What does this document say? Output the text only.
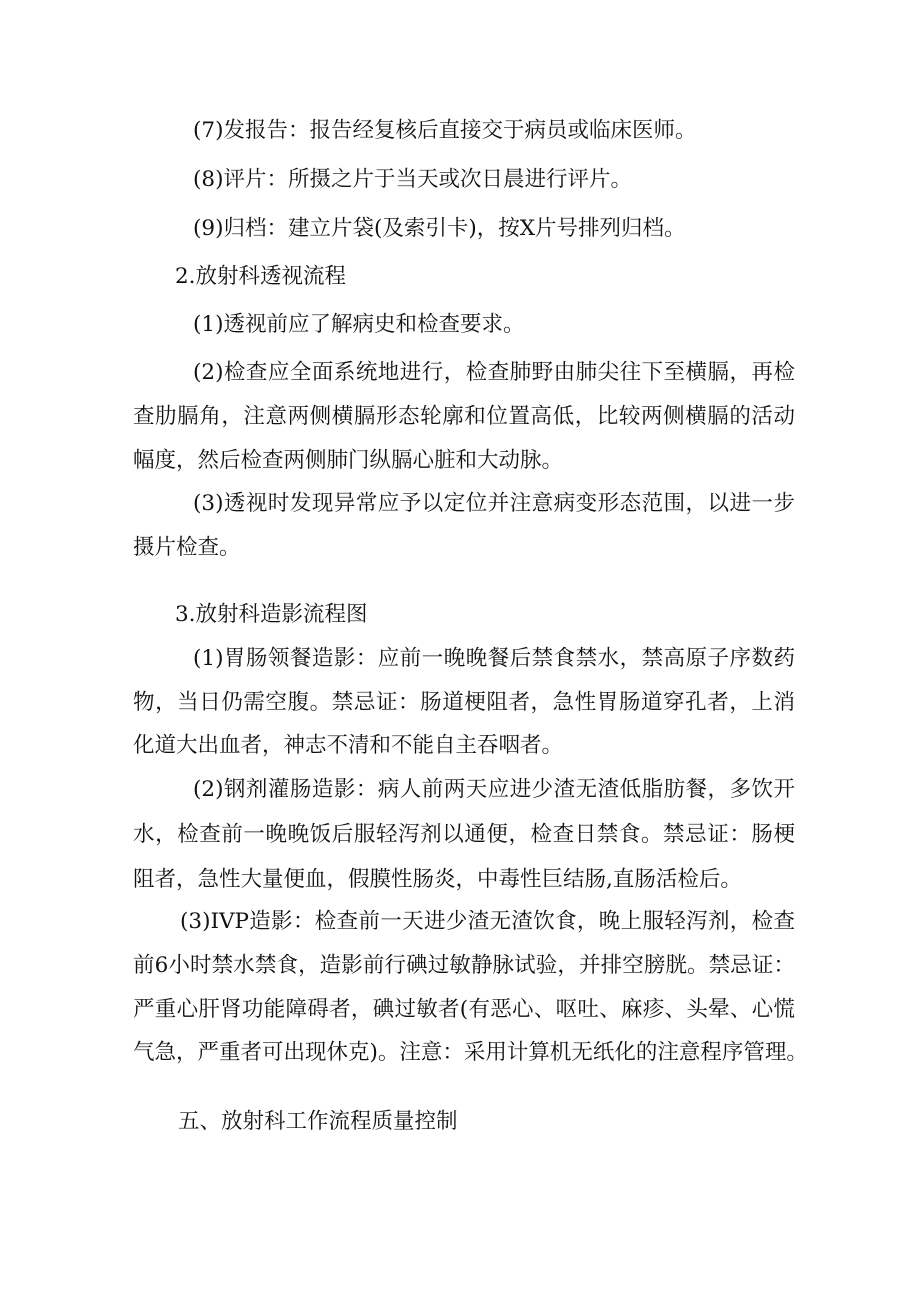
(7)发报告：报告经复核后直接交于病员或临床医师。
(8)评片：所摄之片于当天或次日晨进行评片。
(9)归档：建立片袋(及索引卡)，按X片号排列归档。
2.放射科透视流程
(1)透视前应了解病史和检查要求。
(2)检查应全面系统地进行，检查肺野由肺尖往下至横膈，再检
查肋膈角，注意两侧横膈形态轮廓和位置高低，比较两侧横膈的活动
幅度，然后检查两侧肺门纵膈心脏和大动脉。
(3)透视时发现异常应予以定位并注意病变形态范围，以进一步
摄片检查。
3.放射科造影流程图
(1)胃肠领餐造影：应前一晚晚餐后禁食禁水，禁高原子序数药
物，当日仍需空腹。禁忌证：肠道梗阻者，急性胃肠道穿孔者，上消
化道大出血者，神志不清和不能自主吞咽者。
(2)钢剂灌肠造影：病人前两天应进少渣无渣低脂肪餐，多饮开
水，检查前一晚晚饭后服轻泻剂以通便，检查日禁食。禁忌证：肠梗
阻者，急性大量便血，假膜性肠炎，中毒性巨结肠,直肠活检后。
(3)IVP造影：检查前一天进少渣无渣饮食，晚上服轻泻剂，检查
前6小时禁水禁食，造影前行碘过敏静脉试验，并排空膀胱。禁忌证：
严重心肝肾功能障碍者，碘过敏者(有恶心、呕吐、麻疹、头晕、心慌
气急，严重者可出现休克)。注意：采用计算机无纸化的注意程序管理。
五、放射科工作流程质量控制
